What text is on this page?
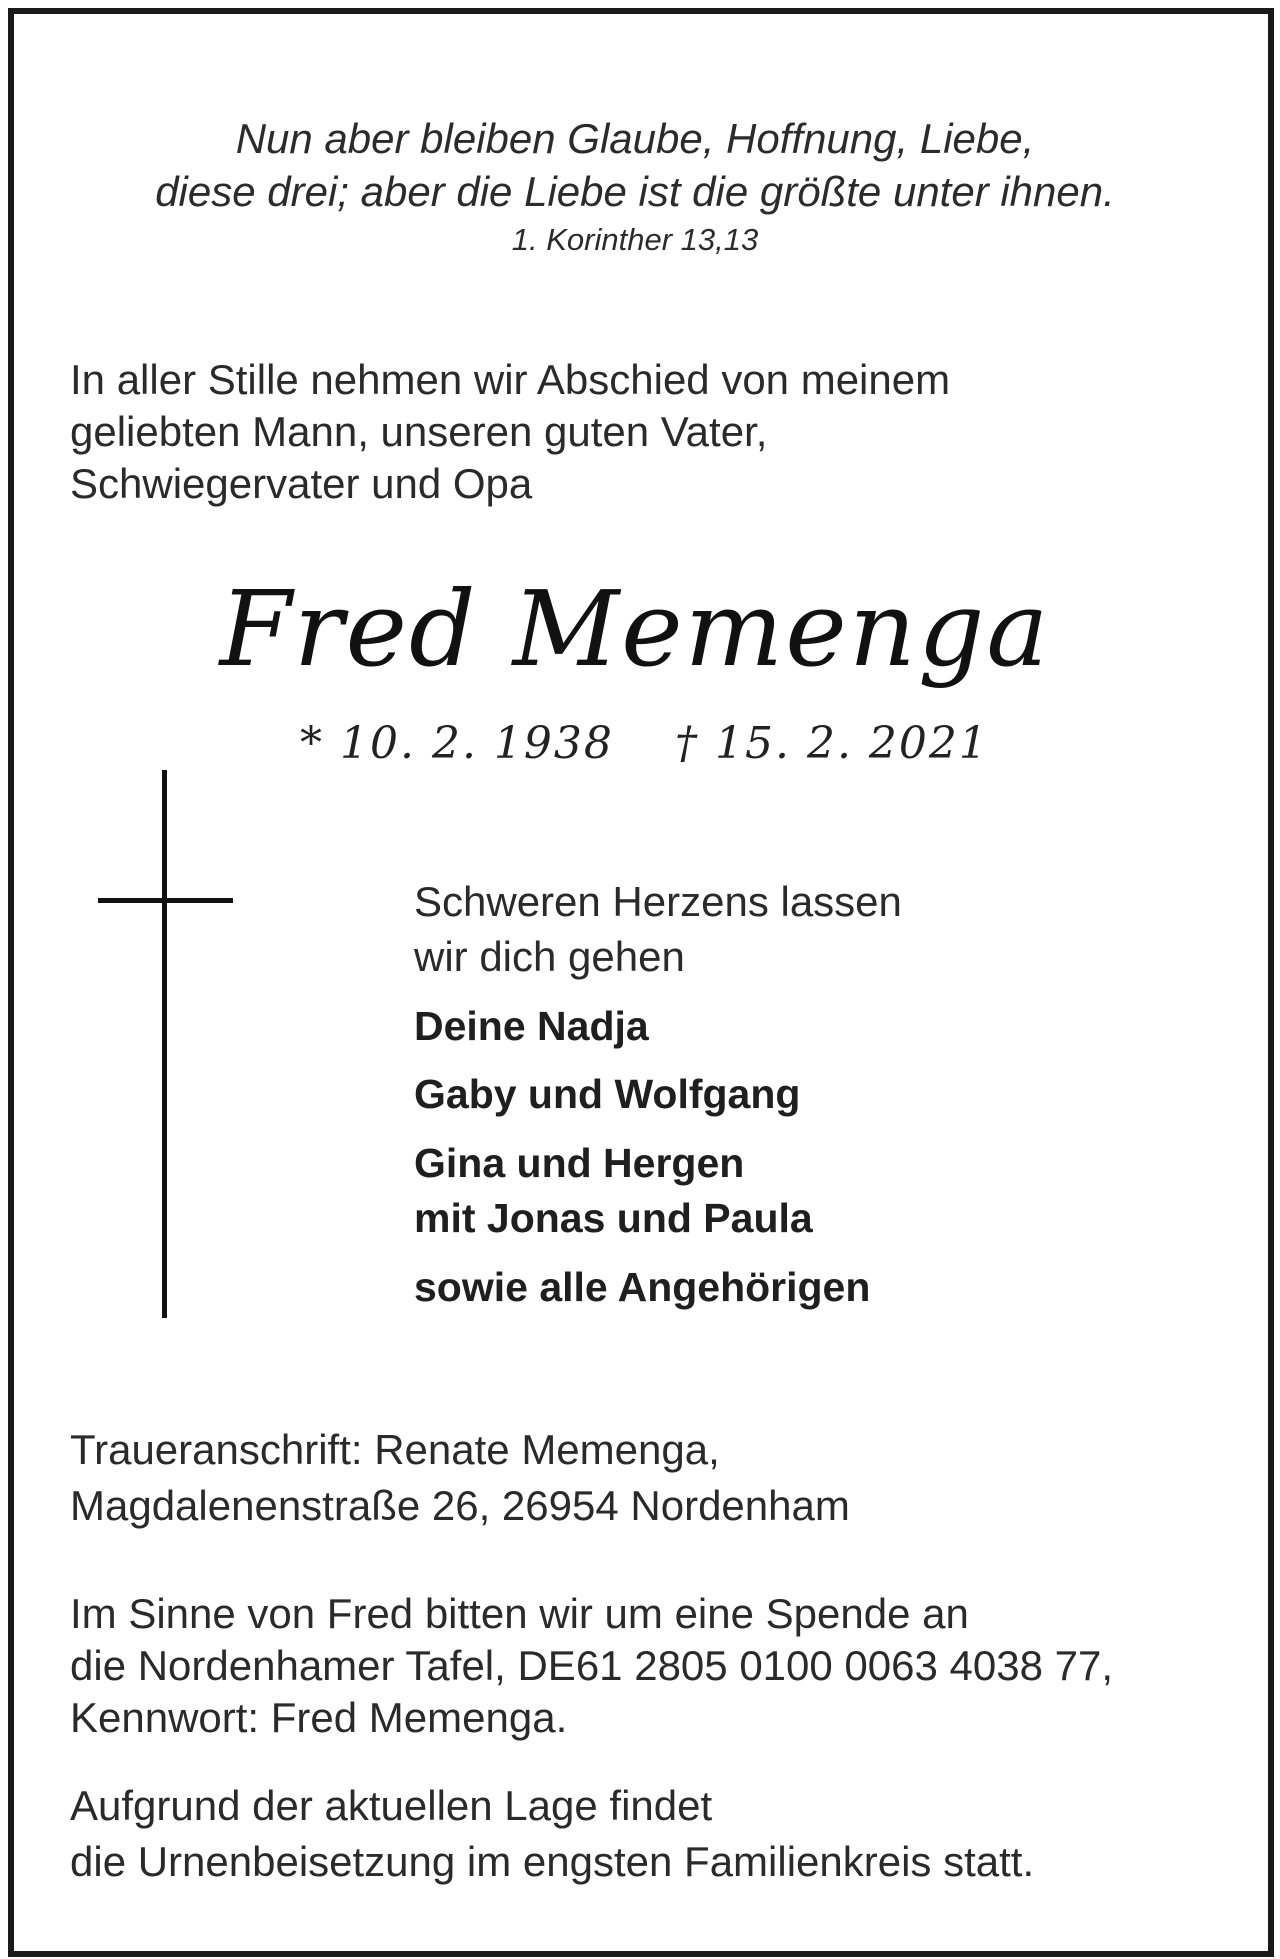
Nun aber bleiben Glaube, Hoffnung, Liebe,
diese drei; aber die Liebe ist die größte unter ihnen.
1. Korinther 13,13
In aller Stille nehmen wir Abschied von meinem
geliebten Mann, unseren guten Vater,
Schwiegervater und Opa
Fred Memenga
* 10. 2. 1938 † 15. 2. 2021
Schweren Herzens lassen
wir dich gehen
Deine Nadja
Gaby und Wolfgang
Gina und Hergen
mit Jonas und Paula
sowie alle Angehörigen
Traueranschrift: Renate Memenga,
Magdalenenstraße 26, 26954 Nordenham
Im Sinne von Fred bitten wir um eine Spende an
die Nordenhamer Tafel, DE61 2805 0100 0063 4038 77,
Kennwort: Fred Memenga.
Aufgrund der aktuellen Lage findet
die Urnenbeisetzung im engsten Familienkreis statt.
